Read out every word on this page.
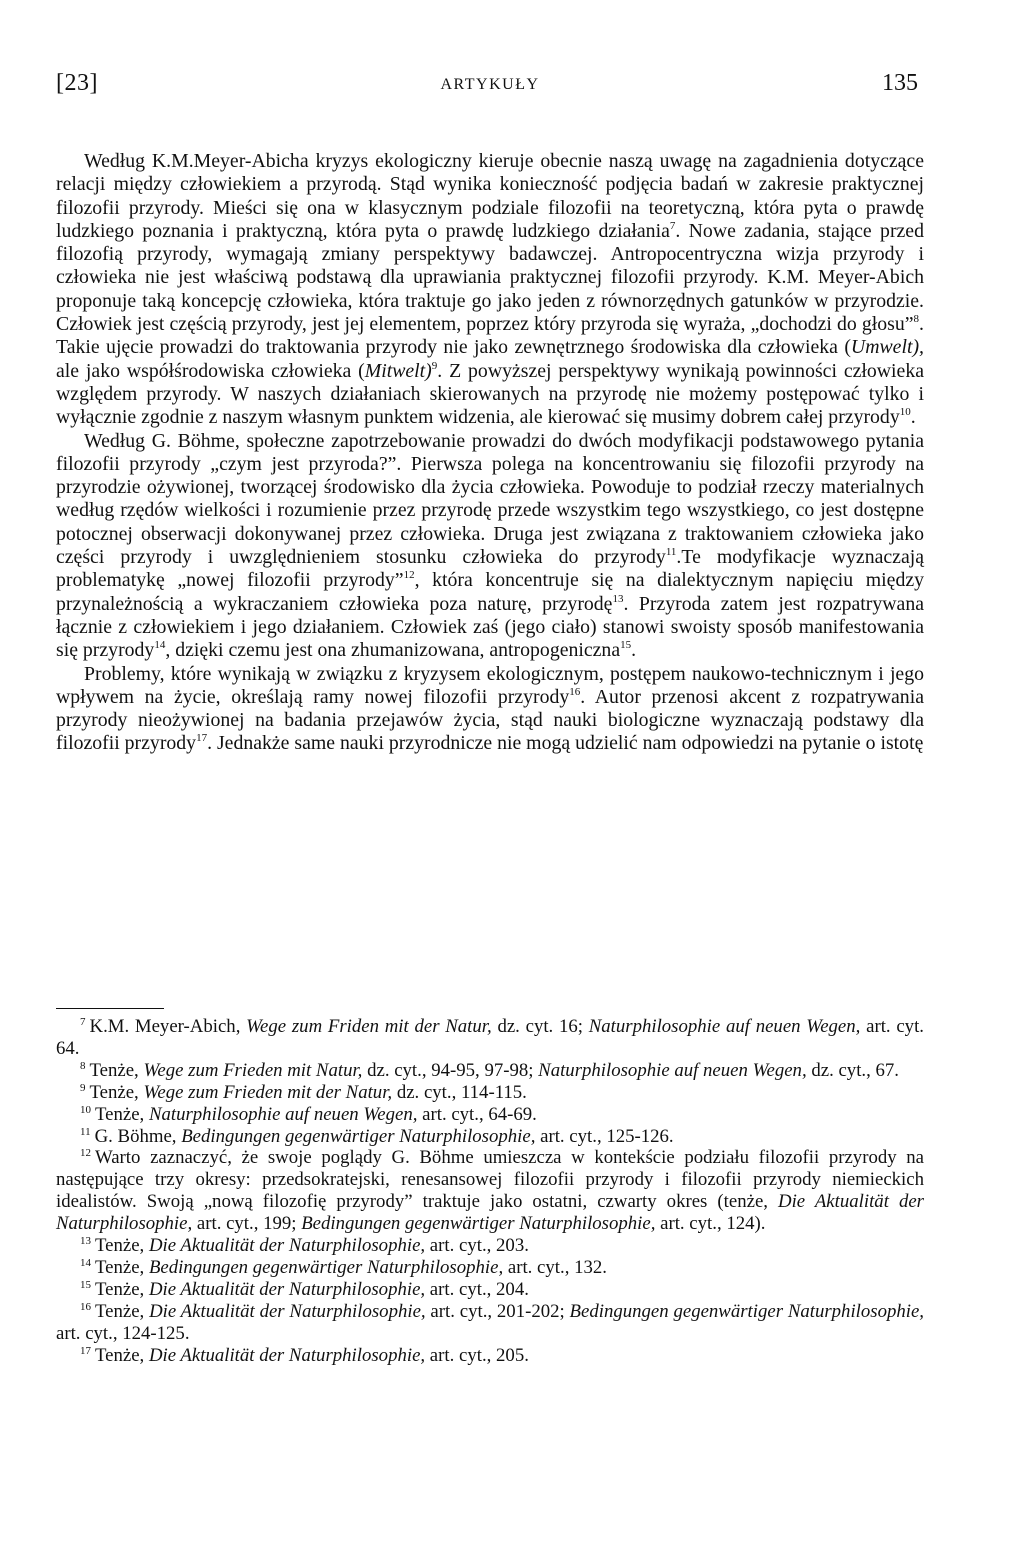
[23]	ARTYKUŁY	135

Według K.M.Meyer-Abicha kryzys ekologiczny kieruje obecnie naszą uwagę na zagadnienia dotyczące relacji między człowiekiem a przyrodą. Stąd wynika konieczność podjęcia badań w zakresie praktycznej filozofii przyrody. Mieści się ona w klasycznym podziale filozofii na teoretyczną, która pyta o prawdę ludzkiego poznania i praktyczną, która pyta o prawdę ludzkiego działania$^7$. Nowe zadania, stające przed filozofią przyrody, wymagają zmiany perspektywy badawczej. Antropocentryczna wizja przyrody i człowieka nie jest właściwą podstawą dla uprawiania praktycznej filozofii przyrody. K.M. Meyer-Abich proponuje taką koncepcję człowieka, która traktuje go jako jeden z równorzędnych gatunków w przyrodzie. Człowiek jest częścią przyrody, jest jej elementem, poprzez który przyroda się wyraża, „dochodzi do głosu”$^8$. Takie ujęcie prowadzi do traktowania przyrody nie jako zewnętrznego środowiska dla człowieka (Umwelt), ale jako współśrodowiska człowieka (Mitwelt)$^9$. Z powyższej perspektywy wynikają powinności człowieka względem przyrody. W naszych działaniach skierowanych na przyrodę nie możemy postępować tylko i wyłącznie zgodnie z naszym własnym punktem widzenia, ale kierować się musimy dobrem całej przyrody$^{10}$.

Według G. Böhme, społeczne zapotrzebowanie prowadzi do dwóch modyfikacji podstawowego pytania filozofii przyrody „czym jest przyroda?”. Pierwsza polega na koncentrowaniu się filozofii przyrody na przyrodzie ożywionej, tworzącej środowisko dla życia człowieka. Powoduje to podział rzeczy materialnych według rzędów wielkości i rozumienie przez przyrodę przede wszystkim tego wszystkiego, co jest dostępne potocznej obserwacji dokonywanej przez człowieka. Druga jest związana z traktowaniem człowieka jako części przyrody i uwzględnieniem stosunku człowieka do przyrody$^{11}$.Te modyfikacje wyznaczają problematykę „nowej filozofii przyrody”$^{12}$, która koncentruje się na dialektycznym napięciu między przynależnością a wykraczaniem człowieka poza naturę, przyrodę$^{13}$. Przyroda zatem jest rozpatrywana łącznie z człowiekiem i jego działaniem. Człowiek zaś (jego ciało) stanowi swoisty sposób manifestowania się przyrody$^{14}$, dzięki czemu jest ona zhumanizowana, antropogeniczna$^{15}$.

Problemy, które wynikają w związku z kryzysem ekologicznym, postępem naukowo-technicznym i jego wpływem na życie, określają ramy nowej filozofii przyrody$^{16}$. Autor przenosi akcent z rozpatrywania przyrody nieożywionej na badania przejawów życia, stąd nauki biologiczne wyznaczają podstawy dla filozofii przyrody$^{17}$. Jednakże same nauki przyrodnicze nie mogą udzielić nam odpowiedzi na pytanie o istotę

$^7$ K.M. Meyer-Abich, Wege zum Friden mit der Natur, dz. cyt. 16; Naturphilosophie auf neuen Wegen, art. cyt. 64.

$^8$ Tenże, Wege zum Frieden mit Natur, dz. cyt., 94-95, 97-98; Naturphilosophie auf neuen Wegen, dz. cyt., 67.

$^9$ Tenże, Wege zum Frieden mit der Natur, dz. cyt., 114-115.

$^{10}$ Tenże, Naturphilosophie auf neuen Wegen, art. cyt., 64-69.

$^{11}$ G. Böhme, Bedingungen gegenwärtiger Naturphilosophie, art. cyt., 125-126.

$^{12}$ Warto zaznaczyć, że swoje poglądy G. Böhme umieszcza w kontekście podziału filozofii przyrody na następujące trzy okresy: przedsokratejski, renesansowej filozofii przyrody i filozofii przyrody niemieckich idealistów. Swoją „nową filozofię przyrody” traktuje jako ostatni, czwarty okres (tenże, Die Aktualität der Naturphilosophie, art. cyt., 199; Bedingungen gegenwärtiger Naturphilosophie, art. cyt., 124).

$^{13}$ Tenże, Die Aktualität der Naturphilosophie, art. cyt., 203.

$^{14}$ Tenże, Bedingungen gegenwärtiger Naturphilosophie, art. cyt., 132.

$^{15}$ Tenże, Die Aktualität der Naturphilosophie, art. cyt., 204.

$^{16}$ Tenże, Die Aktualität der Naturphilosophie, art. cyt., 201-202; Bedingungen gegenwärtiger Naturphilosophie, art. cyt., 124-125.

$^{17}$ Tenże, Die Aktualität der Naturphilosophie, art. cyt., 205.
